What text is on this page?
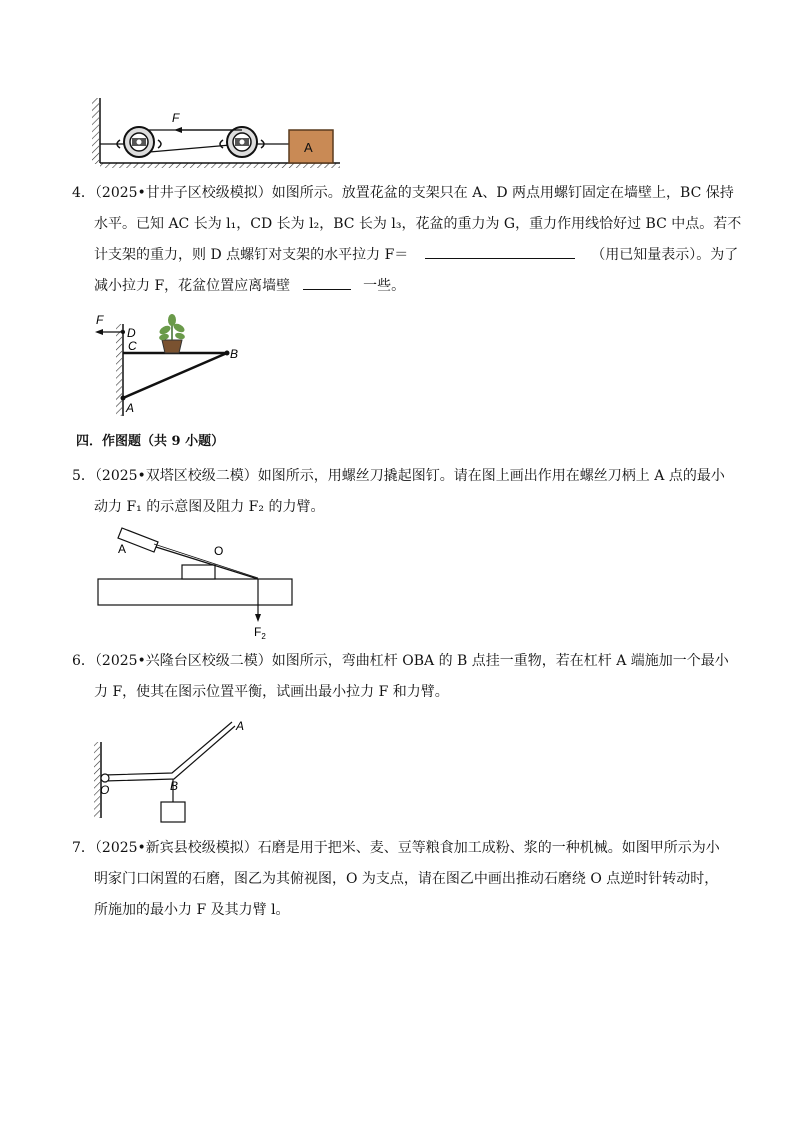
F
A
4．（2025•甘井子区校级模拟）如图所示。放置花盆的支架只在 A、D 两点用螺钉固定在墙壁上，BC 保持
水平。已知 AC 长为 l₁，CD 长为 l₂，BC 长为 l₃，花盆的重力为 G，重力作用线恰好过 BC 中点。若不
计支架的重力，则 D 点螺钉对支架的水平拉力 F＝	（用已知量表示）。为了
减小拉力 F，花盆位置应离墙壁	一些。
F
D
C
B
A
四．作图题（共 9 小题）
5．（2025•双塔区校级二模）如图所示，用螺丝刀撬起图钉。请在图上画出作用在螺丝刀柄上 A 点的最小
动力 F₁ 的示意图及阻力 F₂ 的力臂。
A	O
$F_2$
6．（2025•兴隆台区校级二模）如图所示，弯曲杠杆 OBA 的 B 点挂一重物，若在杠杆 A 端施加一个最小
力 F，使其在图示位置平衡，试画出最小拉力 F 和力臂。
O	B
A
7．（2025•新宾县校级模拟）石磨是用于把米、麦、豆等粮食加工成粉、浆的一种机械。如图甲所示为小
明家门口闲置的石磨，图乙为其俯视图，O 为支点，请在图乙中画出推动石磨绕 O 点逆时针转动时，
所施加的最小力 F 及其力臂 l。
